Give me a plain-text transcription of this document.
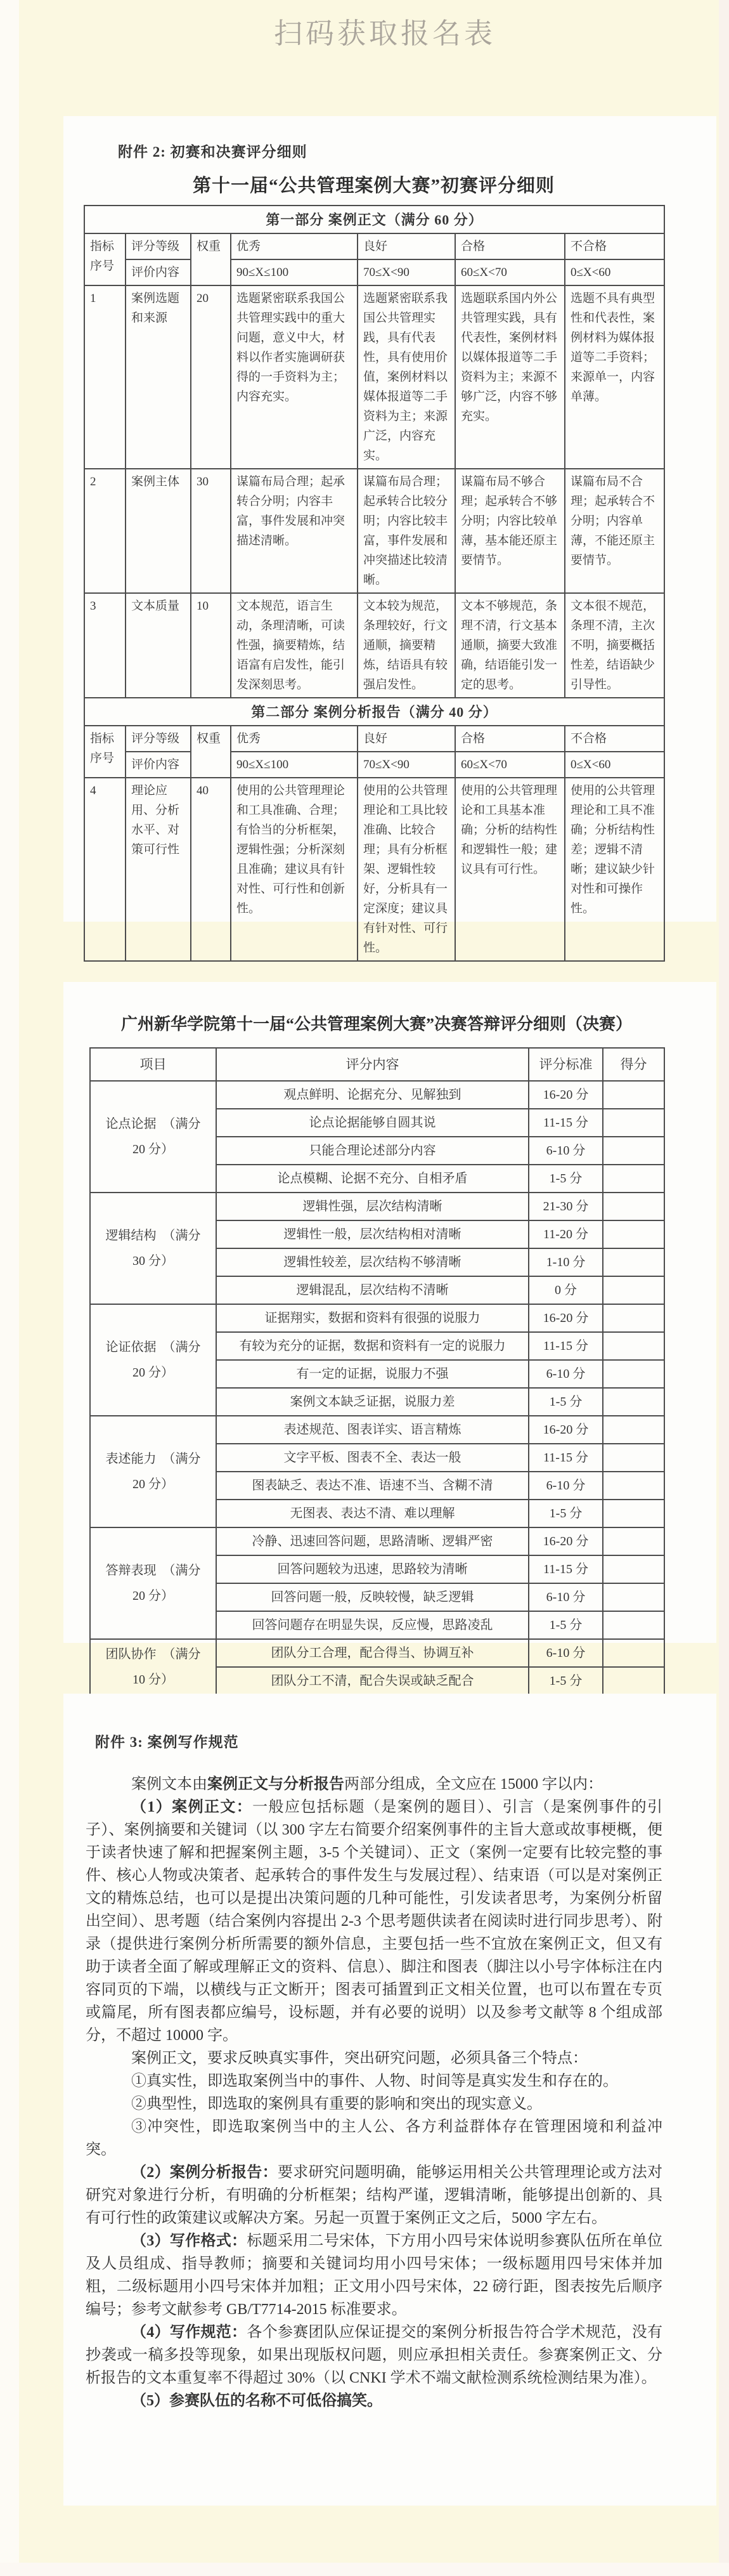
扫码获取报名表
附件 2: 初赛和决赛评分细则
第十一届“公共管理案例大赛”初赛评分细则
第一部分 案例正文（满分 60 分）						
指标序号	评分等级	权重	优秀	良好	合格	不合格
	评价内容		90≤X≤100	70≤X<90	60≤X<70	0≤X<60
1	案例选题和来源	20	选题紧密联系我国公共管理实践中的重大问题，意义中大，材料以作者实施调研获得的一手资料为主；内容充实。	选题紧密联系我国公共管理实践，具有代表性，具有使用价值，案例材料以媒体报道等二手资料为主；来源广泛，内容充实。	选题联系国内外公共管理实践，具有代表性，案例材料以媒体报道等二手资料为主；来源不够广泛，内容不够充实。	选题不具有典型性和代表性，案例材料为媒体报道等二手资料；来源单一，内容单薄。
2	案例主体	30	谋篇布局合理；起承转合分明；内容丰富，事件发展和冲突描述清晰。	谋篇布局合理；起承转合比较分明；内容比较丰富，事件发展和冲突描述比较清晰。	谋篇布局不够合理；起承转合不够分明；内容比较单薄，基本能还原主要情节。	谋篇布局不合理；起承转合不分明；内容单薄，不能还原主要情节。
3	文本质量	10	文本规范，语言生动，条理清晰，可读性强，摘要精炼，结语富有启发性，能引发深刻思考。	文本较为规范，条理较好，行文通顺，摘要精炼，结语具有较强启发性。	文本不够规范，条理不清，行文基本通顺，摘要大致准确，结语能引发一定的思考。	文本很不规范，条理不清，主次不明，摘要概括性差，结语缺少引导性。
第二部分 案例分析报告（满分 40 分）						
指标序号	评分等级	权重	优秀	良好	合格	不合格
	评价内容		90≤X≤100	70≤X<90	60≤X<70	0≤X<60
4	理论应用、分析水平、对策可行性	40	使用的公共管理理论和工具准确、合理；有恰当的分析框架，逻辑性强；分析深刻且准确；建议具有针对性、可行性和创新性。	使用的公共管理理论和工具比较准确、比较合理；具有分析框架、逻辑性较好，分析具有一定深度；建议具有针对性、可行性。	使用的公共管理理论和工具基本准确；分析的结构性和逻辑性一般；建议具有可行性。	使用的公共管理理论和工具不准确；分析结构性差；逻辑不清晰；建议缺少针对性和可操作性。
广州新华学院第十一届“公共管理案例大赛”决赛答辩评分细则（决赛）
项目	评分内容	评分标准	得分
论点论据　（满分 20 分）	观点鲜明、论据充分、见解独到	16-20 分	
	论点论据能够自圆其说	11-15 分	
	只能合理论述部分内容	6-10 分	
	论点模糊、论据不充分、自相矛盾	1-5 分	
逻辑结构　（满分 30 分）	逻辑性强，层次结构清晰	21-30 分	
	逻辑性一般，层次结构相对清晰	11-20 分	
	逻辑性较差，层次结构不够清晰	1-10 分	
	逻辑混乱，层次结构不清晰	0 分	
论证依据　（满分 20 分）	证据翔实，数据和资料有很强的说服力	16-20 分	
	有较为充分的证据，数据和资料有一定的说服力	11-15 分	
	有一定的证据，说服力不强	6-10 分	
	案例文本缺乏证据，说服力差	1-5 分	
表述能力　（满分 20 分）	表述规范、图表详实、语言精炼	16-20 分	
	文字平板、图表不全、表达一般	11-15 分	
	图表缺乏、表达不准、语速不当、含糊不清	6-10 分	
	无图表、表达不清、难以理解	1-5 分	
答辩表现　（满分 20 分）	冷静、迅速回答问题，思路清晰、逻辑严密	16-20 分	
	回答问题较为迅速，思路较为清晰	11-15 分	
	回答问题一般，反映较慢，缺乏逻辑	6-10 分	
	回答问题存在明显失误，反应慢，思路凌乱	1-5 分	
团队协作　（满分 10 分）	团队分工合理，配合得当、协调互补	6-10 分	
	团队分工不清，配合失误或缺乏配合	1-5 分	
附件 3: 案例写作规范

案例文本由案例正文与分析报告两部分组成，全文应在 15000 字以内：

（1）案例正文：一般应包括标题（是案例的题目）、引言（是案例事件的引子）、案例摘要和关键词（以 300 字左右简要介绍案例事件的主旨大意或故事梗概，便于读者快速了解和把握案例主题，3-5 个关键词）、正文（案例一定要有比较完整的事件、核心人物或决策者、起承转合的事件发生与发展过程）、结束语（可以是对案例正文的精炼总结，也可以是提出决策问题的几种可能性，引发读者思考，为案例分析留出空间）、思考题（结合案例内容提出 2-3 个思考题供读者在阅读时进行同步思考）、附录（提供进行案例分析所需要的额外信息，主要包括一些不宜放在案例正文，但又有助于读者全面了解或理解正文的资料、信息）、脚注和图表（脚注以小号字体标注在内容同页的下端，以横线与正文断开；图表可插置到正文相关位置，也可以布置在专页或篇尾，所有图表都应编号，设标题，并有必要的说明）以及参考文献等 8 个组成部分，不超过 10000 字。

案例正文，要求反映真实事件，突出研究问题，必须具备三个特点：

①真实性，即选取案例当中的事件、人物、时间等是真实发生和存在的。

②典型性，即选取的案例具有重要的影响和突出的现实意义。

③冲突性，即选取案例当中的主人公、各方利益群体存在管理困境和利益冲突。

（2）案例分析报告：要求研究问题明确，能够运用相关公共管理理论或方法对研究对象进行分析，有明确的分析框架；结构严谨，逻辑清晰，能够提出创新的、具有可行性的政策建议或解决方案。另起一页置于案例正文之后，5000 字左右。

（3）写作格式：标题采用二号宋体，下方用小四号宋体说明参赛队伍所在单位及人员组成、指导教师；摘要和关键词均用小四号宋体；一级标题用四号宋体并加粗，二级标题用小四号宋体并加粗；正文用小四号宋体，22 磅行距，图表按先后顺序编号；参考文献参考 GB/T7714-2015 标准要求。

（4）写作规范：各个参赛团队应保证提交的案例分析报告符合学术规范，没有抄袭或一稿多投等现象，如果出现版权问题，则应承担相关责任。参赛案例正文、分析报告的文本重复率不得超过 30%（以 CNKI 学术不端文献检测系统检测结果为准）。

（5）参赛队伍的名称不可低俗搞笑。
